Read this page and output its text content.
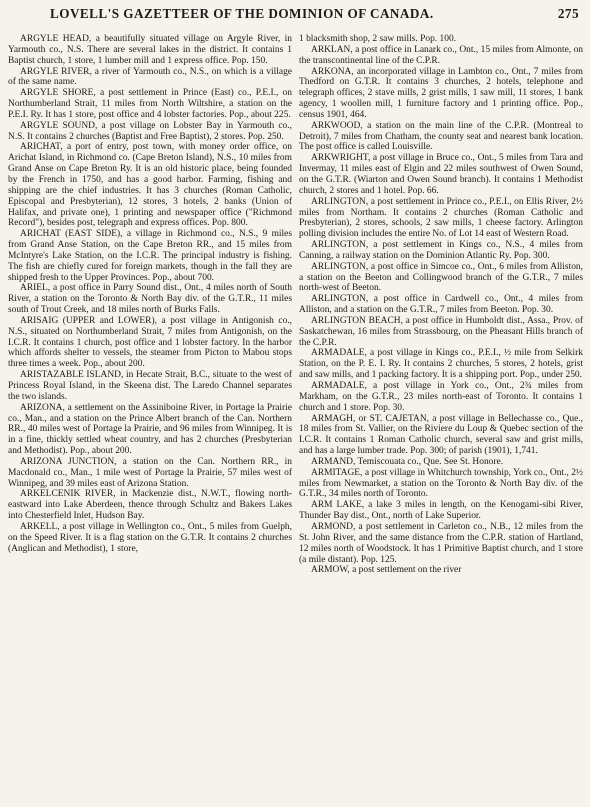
LOVELL'S GAZETTEER OF THE DOMINION OF CANADA.	275

ARGYLE HEAD, a beautifully situated village on Argyle River, in Yarmouth co., N.S. There are several lakes in the district. It contains 1 Baptist church, 1 store, 1 lumber mill and 1 express office. Pop. 150.

ARGYLE RIVER, a river of Yarmouth co., N.S., on which is a village of the same name.

ARGYLE SHORE, a post settlement in Prince (East) co., P.E.I., on Northumberland Strait, 11 miles from North Wiltshire, a station on the P.E.I. Ry. It has 1 store, post office and 4 lobster factories. Pop., about 225.

ARGYLE SOUND, a post village on Lobster Bay in Yarmouth co., N.S. It contains 2 churches (Baptist and Free Baptist), 2 stores. Pop. 250.

ARICHAT, a port of entry, post town, with money order office, on Arichat Island, in Richmond co. (Cape Breton Island), N.S., 10 miles from Grand Anse on Cape Breton Ry. It is an old historic place, being founded by the French in 1750, and has a good harbor. Farming, fishing and shipping are the chief industries. It has 3 churches (Roman Catholic, Episcopal and Presbyterian), 12 stores, 3 hotels, 2 banks (Union of Halifax, and private one), 1 printing and newspaper office ("Richmond Record"), besides post, telegraph and express offices. Pop. 800.

ARICHAT (EAST SIDE), a village in Richmond co., N.S., 9 miles from Grand Anse Station, on the Cape Breton RR., and 15 miles from McIntyre's Lake Station, on the I.C.R. The principal industry is fishing. The fish are chiefly cured for foreign markets, though in the fall they are shipped fresh to the Upper Provinces. Pop., about 700.

ARIEL, a post office in Parry Sound dist., Ont., 4 miles north of South River, a station on the Toronto & North Bay div. of the G.T.R., 11 miles south of Trout Creek, and 18 miles north of Burks Falls.

ARISAIG (UPPER and LOWER), a post village in Antigonish co., N.S., situated on Northumberland Strait, 7 miles from Antigonish, on the I.C.R. It contains 1 church, post office and 1 lobster factory. In the harbor which affords shelter to vessels, the steamer from Picton to Mabou stops three times a week. Pop., about 200.

ARISTAZABLE ISLAND, in Hecate Strait, B.C., situate to the west of Princess Royal Island, in the Skeena dist. The Laredo Channel separates the two islands.

ARIZONA, a settlement on the Assiniboine River, in Portage la Prairie co., Man., and a station on the Prince Albert branch of the Can. Northern RR., 40 miles west of Portage la Prairie, and 96 miles from Winnipeg. It is in a fine, thickly settled wheat country, and has 2 churches (Presbyterian and Methodist). Pop., about 200.

ARIZONA JUNCTION, a station on the Can. Northern RR., in Macdonald co., Man., 1 mile west of Portage la Prairie, 57 miles west of Winnipeg, and 39 miles east of Arizona Station.

ARKELCENIK RIVER, in Mackenzie dist., N.W.T., flowing north-eastward into Lake Aberdeen, thence through Schultz and Bakers Lakes into Chesterfield Inlet, Hudson Bay.

ARKELL, a post village in Wellington co., Ont., 5 miles from Guelph, on the Speed River. It is a flag station on the G.T.R. It contains 2 churches (Anglican and Methodist), 1 store,

1 blacksmith shop, 2 saw mills. Pop. 100.

ARKLAN, a post office in Lanark co., Ont., 15 miles from Almonte, on the transcontinental line of the C.P.R.

ARKONA, an incorporated village in Lambton co., Ont., 7 miles from Thedford on G.T.R. It contains 3 churches, 2 hotels, telephone and telegraph offices, 2 stave mills, 2 grist mills, 1 saw mill, 11 stores, 1 bank agency, 1 woollen mill, 1 furniture factory and 1 printing office. Pop., census 1901, 464.

ARKWOOD, a station on the main line of the C.P.R. (Montreal to Detroit), 7 miles from Chatham, the county seat and nearest bank location. The post office is called Louisville.

ARKWRIGHT, a post village in Bruce co., Ont., 5 miles from Tara and Invermay, 11 miles east of Elgin and 22 miles southwest of Owen Sound, on the G.T.R. (Wiarton and Owen Sound branch). It contains 1 Methodist church, 2 stores and 1 hotel. Pop. 66.

ARLINGTON, a post settlement in Prince co., P.E.I., on Ellis River, 2½ miles from Northam. It contains 2 churches (Roman Catholic and Presbyterian), 2 stores, schools, 2 saw mills, 1 cheese factory. Arlington polling division includes the entire No. of Lot 14 east of Western Road.

ARLINGTON, a post settlement in Kings co., N.S., 4 miles from Canning, a railway station on the Dominion Atlantic Ry. Pop. 300.

ARLINGTON, a post office in Simcoe co., Ont., 6 miles from Alliston, a station on the Beeton and Collingwood branch of the G.T.R., 7 miles north-west of Beeton.

ARLINGTON, a post office in Cardwell co., Ont., 4 miles from Alliston, and a station on the G.T.R., 7 miles from Beeton. Pop. 30.

ARLINGTON BEACH, a post office in Humboldt dist., Assa., Prov. of Saskatchewan, 16 miles from Strassbourg, on the Pheasant Hills branch of the C.P.R.

ARMADALE, a post village in Kings co., P.E.I., ½ mile from Selkirk Station, on the P. E. I. Ry. It contains 2 churches, 5 stores, 2 hotels, grist and saw mills, and 1 packing factory. It is a shipping port. Pop., under 250.

ARMADALE, a post village in York co., Ont., 2¾ miles from Markham, on the G.T.R., 23 miles north-east of Toronto. It contains 1 church and 1 store. Pop. 30.

ARMAGH, or ST. CAJETAN, a post village in Bellechasse co., Que., 18 miles from St. Vallier, on the Riviere du Loup & Quebec section of the I.C.R. It contains 1 Roman Catholic church, several saw and grist mills, and has a large lumber trade. Pop. 300; of parish (1901), 1,741.

ARMAND, Temiscouata co., Que. See St. Honore.

ARMITAGE, a post village in Whitchurch township, York co., Ont., 2½ miles from Newmarket, a station on the Toronto & North Bay div. of the G.T.R., 34 miles north of Toronto.

ARM LAKE, a lake 3 miles in length, on the Kenogami-sibi River, Thunder Bay dist., Ont., north of Lake Superior.

ARMOND, a post settlement in Carleton co., N.B., 12 miles from the St. John River, and the same distance from the C.P.R. station of Hartland, 12 miles north of Woodstock. It has 1 Primitive Baptist church, and 1 store (a mile distant). Pop. 125.

ARMOW, a post settlement on the river
